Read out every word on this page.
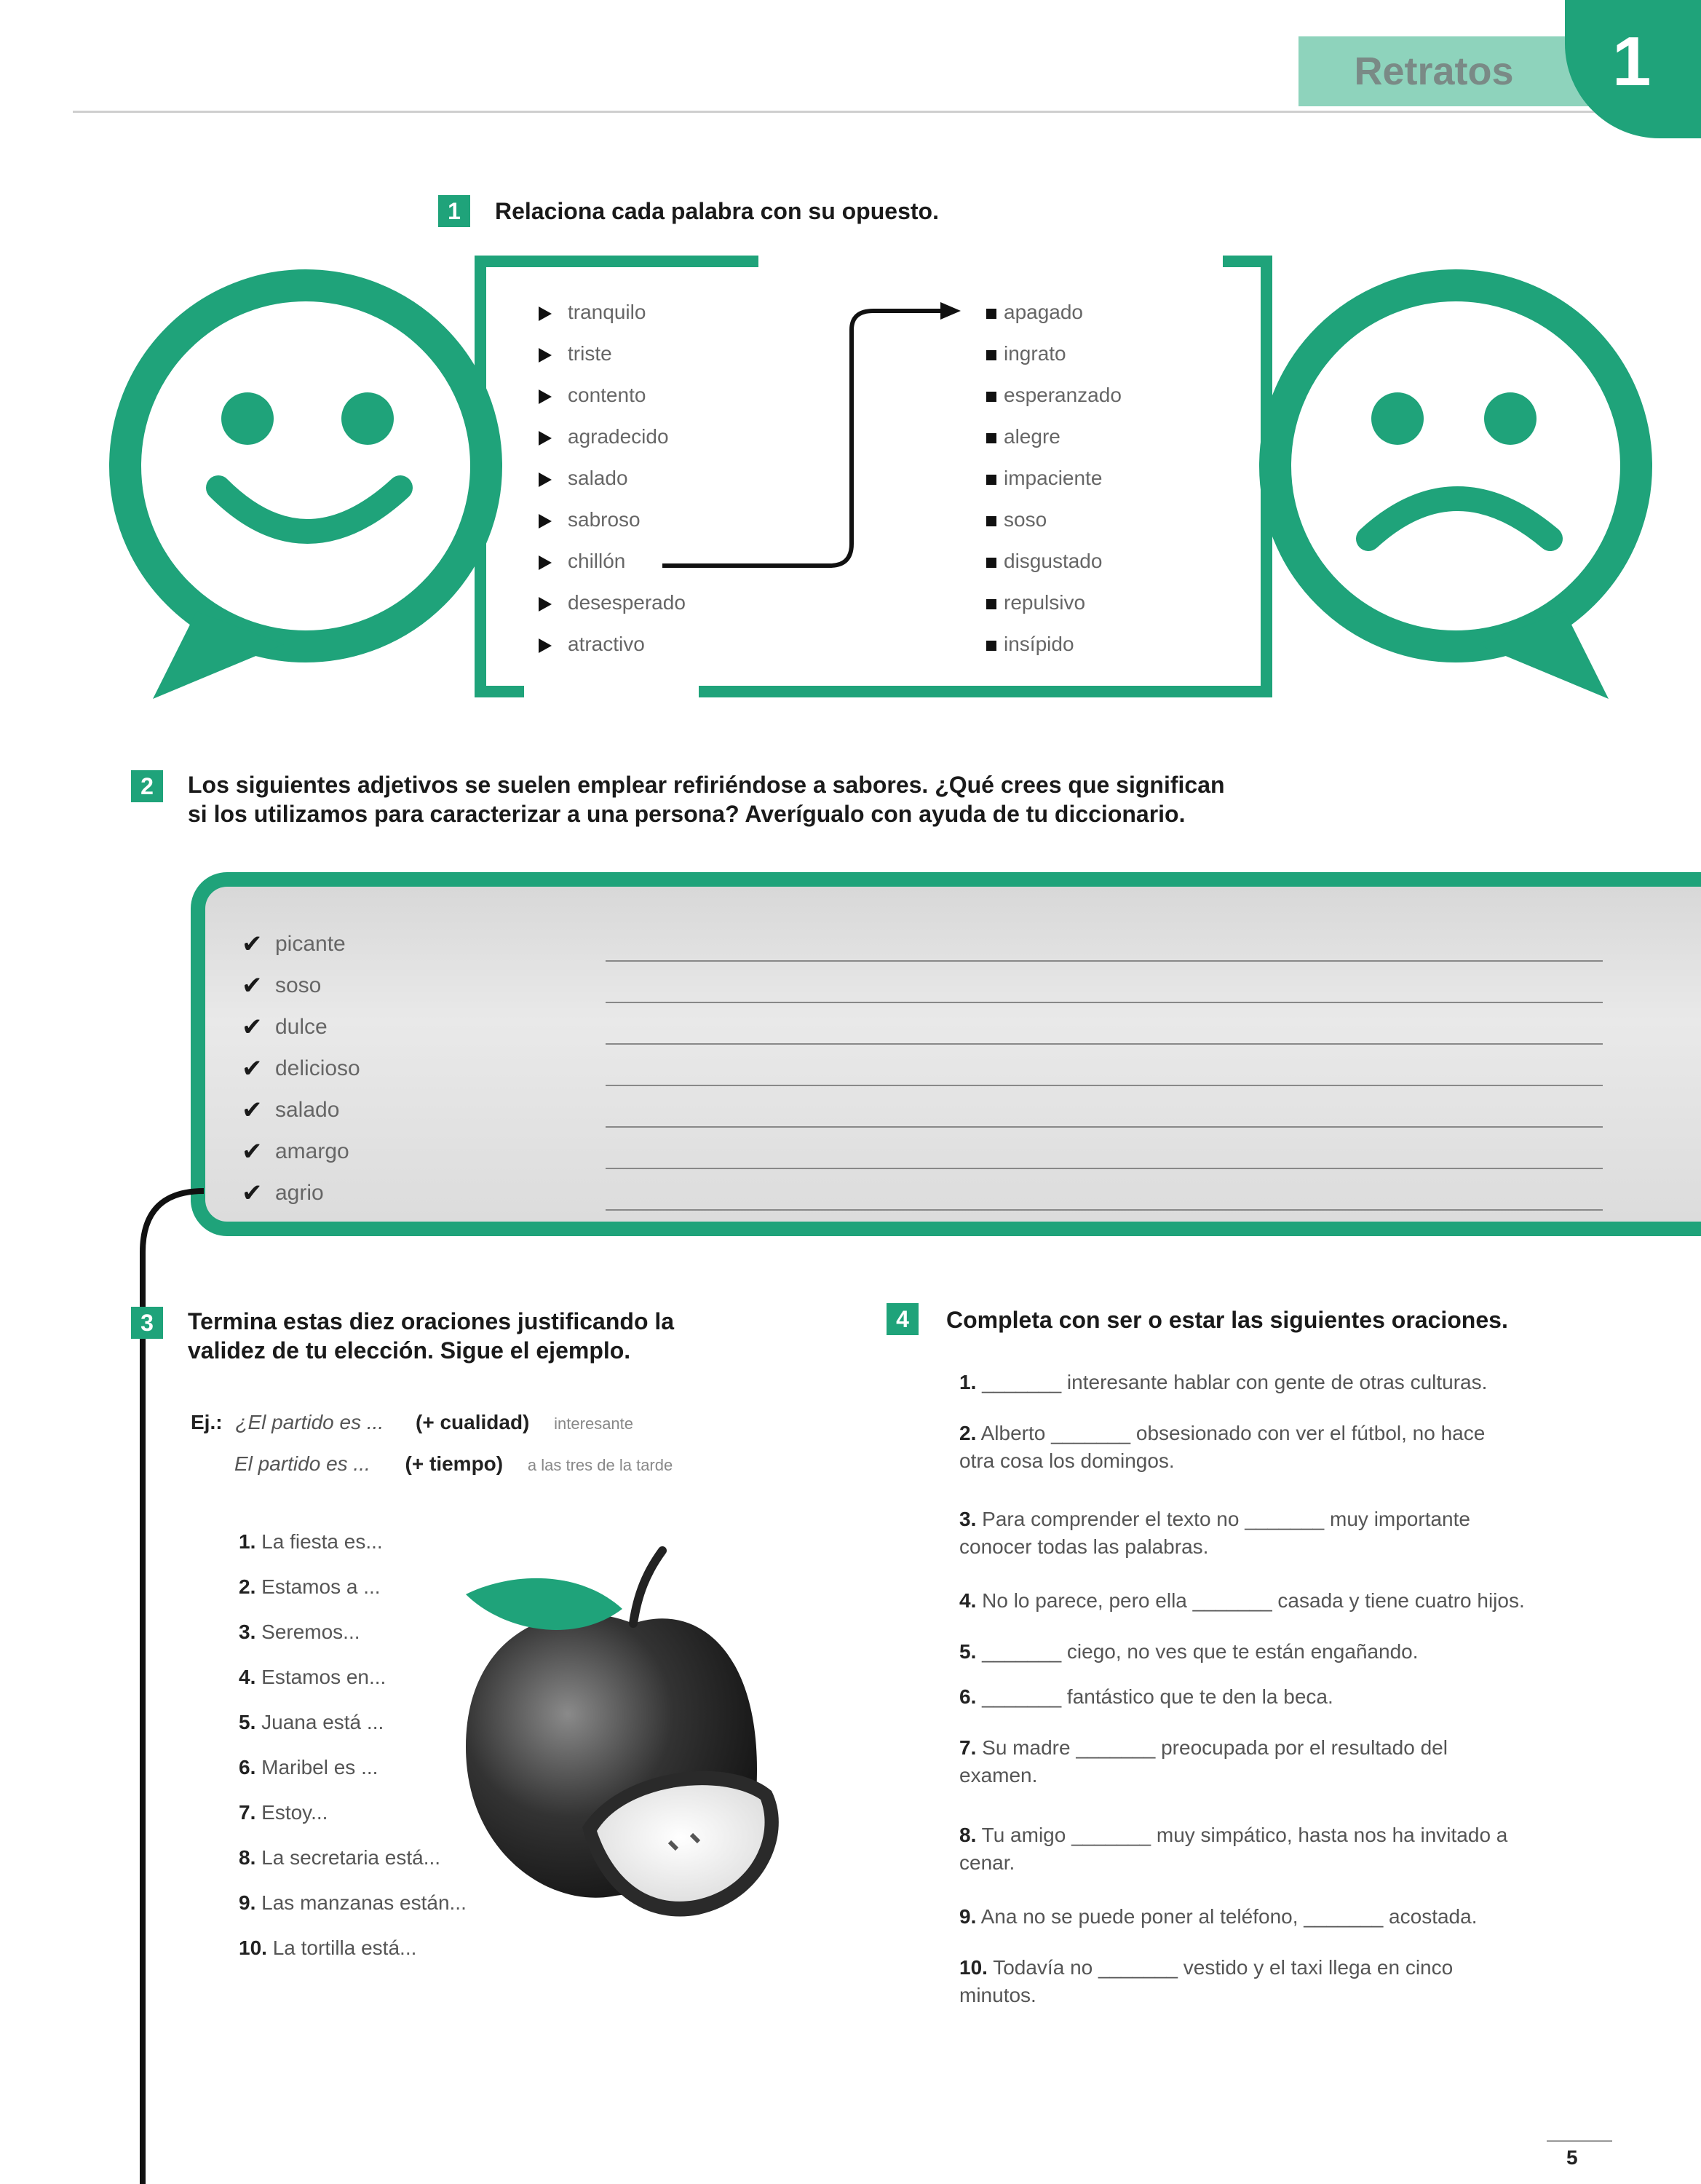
Retratos	1
1	Relaciona cada palabra con su opuesto.
tranquilo
triste
contento
agradecido
salado
sabroso
chillón
desesperado
atractivo
apagado
ingrato
esperanzado
alegre
impaciente
soso
disgustado
repulsivo
insípido
2	Los siguientes adjetivos se suelen emplear refiriéndose a sabores. ¿Qué crees que significan
si los utilizamos para caracterizar a una persona? Averígualo con ayuda de tu diccionario.
✔ picante
✔ soso
✔ dulce
✔ delicioso
✔ salado
✔ amargo
✔ agrio
3	Termina estas diez oraciones justificando la
validez de tu elección. Sigue el ejemplo.
Ej.: ¿El partido es ... (+ cualidad) interesante
El partido es ... (+ tiempo) a las tres de la tarde
1. La fiesta es...
2. Estamos a ...
3. Seremos...
4. Estamos en...
5. Juana está ...
6. Maribel es ...
7. Estoy...
8. La secretaria está...
9. Las manzanas están...
10. La tortilla está...
4	Completa con ser o estar las siguientes oraciones.
1. _______ interesante hablar con gente de otras culturas.

2. Alberto _______ obsesionado con ver el fútbol, no hace
otra cosa los domingos.
3. Para comprender el texto no _______ muy importante
conocer todas las palabras.
4. No lo parece, pero ella _______ casada y tiene cuatro hijos.
5. _______ ciego, no ves que te están engañando.
6. _______ fantástico que te den la beca.
7. Su madre _______ preocupada por el resultado del
examen.
8. Tu amigo _______ muy simpático, hasta nos ha invitado a
cenar.
9. Ana no se puede poner al teléfono, _______ acostada.
10. Todavía no _______ vestido y el taxi llega en cinco
minutos.
5
